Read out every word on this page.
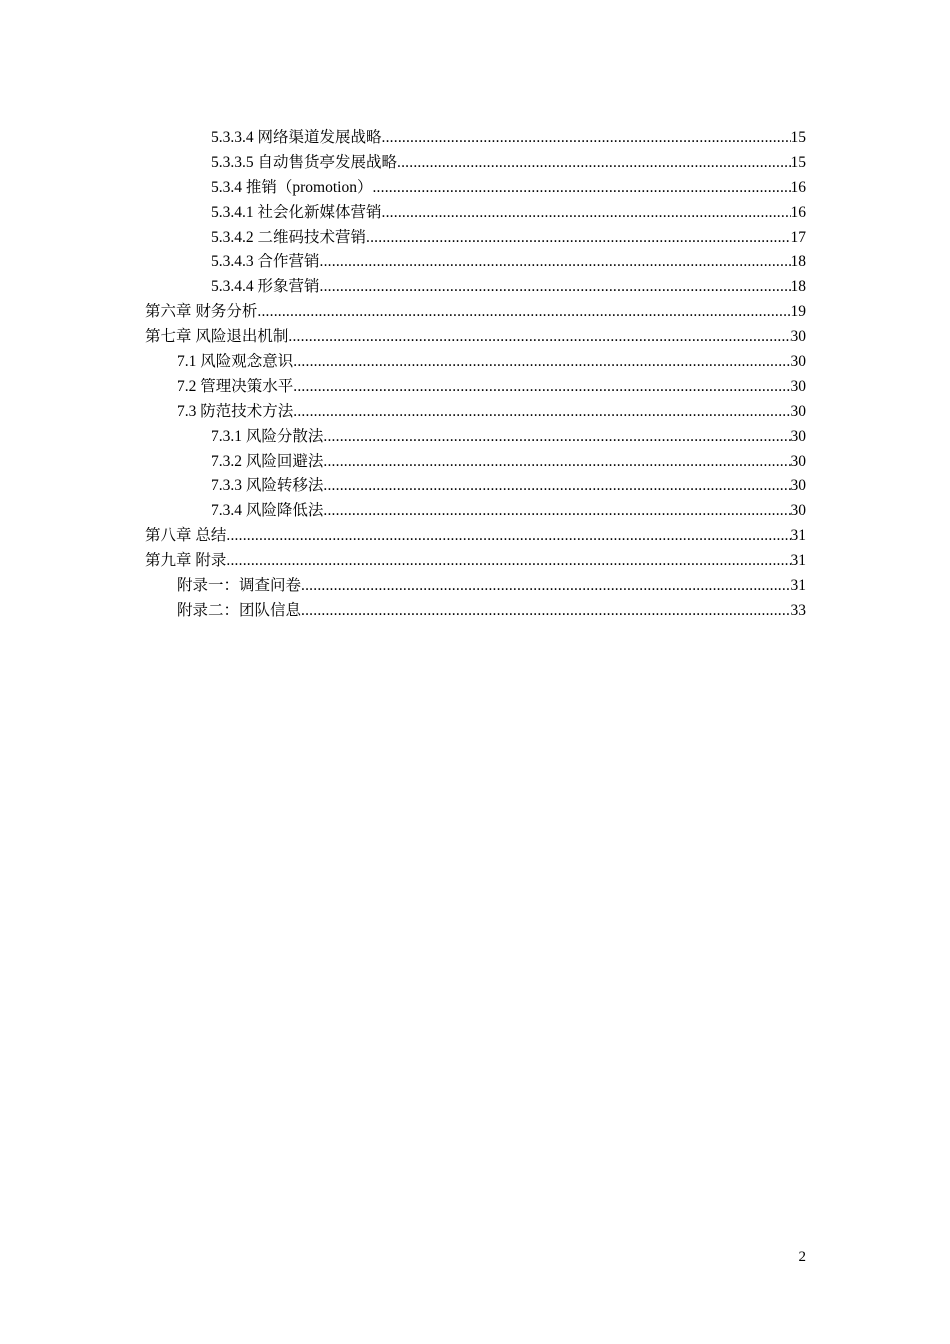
5.3.3.4 网络渠道发展战略 .....	15
5.3.3.5 自动售货亭发展战略 .....	15
5.3.4 推销（promotion） .....	16
5.3.4.1 社会化新媒体营销 .....	16
5.3.4.2 二维码技术营销 .....	17
5.3.4.3 合作营销 .....	18
5.3.4.4 形象营销 .....	18
第六章 财务分析 .....	19
第七章 风险退出机制 .....	30
7.1 风险观念意识 .....	30
7.2 管理决策水平 .....	30
7.3 防范技术方法 .....	30
7.3.1 风险分散法 .....	30
7.3.2 风险回避法 .....	30
7.3.3 风险转移法 .....	30
7.3.4 风险降低法 .....	30
第八章 总结 .....	31
第九章 附录 .....	31
附录一：调查问卷 .....	31
附录二：团队信息 .....	33
2
